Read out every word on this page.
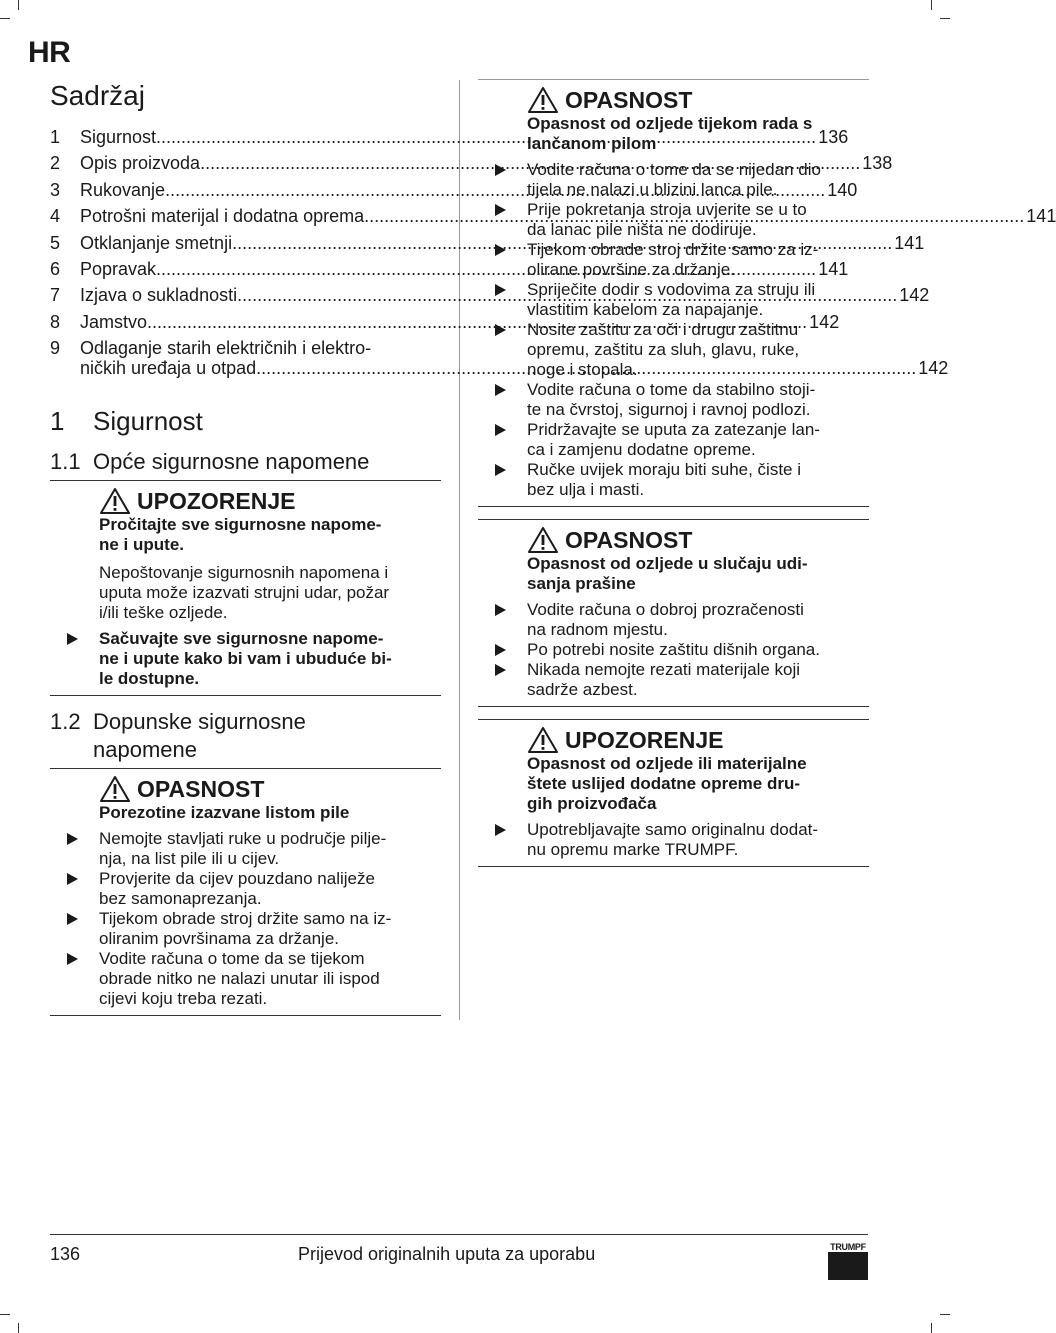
HR
Sadržaj
1	Sigurnost .....	136
2	Opis proizvoda .....	138
3	Rukovanje .....	140
4	Potrošni materijal i dodatna oprema .....	141
5	Otklanjanje smetnji .....	141
6	Popravak .....	141
7	Izjava o sukladnosti .....	142
8	Jamstvo .....	142
9	Odlaganje starih električnih i elektro-
ničkih uređaja u otpad .....	142
1	Sigurnost
1.1 Opće sigurnosne napomene
UPOZORENJE
Pročitajte sve sigurnosne napome-
ne i upute.
Nepoštovanje sigurnosnih napomena i
uputa može izazvati strujni udar, požar
i/ili teške ozljede.
Sačuvajte sve sigurnosne napome-
ne i upute kako bi vam i ubuduće bi-
le dostupne.
1.2 Dopunske sigurnosne
napomene
OPASNOST
Porezotine izazvane listom pile
Nemojte stavljati ruke u područje pilje-
nja, na list pile ili u cijev.
Provjerite da cijev pouzdano naliježe
bez samonaprezanja.
Tijekom obrade stroj držite samo na iz-
oliranim površinama za držanje.
Vodite računa o tome da se tijekom
obrade nitko ne nalazi unutar ili ispod
cijevi koju treba rezati.
OPASNOST
Opasnost od ozljede tijekom rada s
lančanom pilom
Vodite računa o tome da se nijedan dio
tijela ne nalazi u blizini lanca pile.
Prije pokretanja stroja uvjerite se u to
da lanac pile ništa ne dodiruje.
Tijekom obrade stroj držite samo za iz-
olirane površine za držanje.
Spriječite dodir s vodovima za struju ili
vlastitim kabelom za napajanje.
Nosite zaštitu za oči i drugu zaštitnu
opremu, zaštitu za sluh, glavu, ruke,
noge i stopala.
Vodite računa o tome da stabilno stoji-
te na čvrstoj, sigurnoj i ravnoj podlozi.
Pridržavajte se uputa za zatezanje lan-
ca i zamjenu dodatne opreme.
Ručke uvijek moraju biti suhe, čiste i
bez ulja i masti.
OPASNOST
Opasnost od ozljede u slučaju udi-
sanja prašine
Vodite računa o dobroj prozračenosti
na radnom mjestu.
Po potrebi nosite zaštitu dišnih organa.
Nikada nemojte rezati materijale koji
sadrže azbest.
UPOZORENJE
Opasnost od ozljede ili materijalne
štete uslijed dodatne opreme dru-
gih proizvođača
Upotrebljavajte samo originalnu dodat-
nu opremu marke TRUMPF.
136	Prijevod originalnih uputa za uporabu	TRUMPF
